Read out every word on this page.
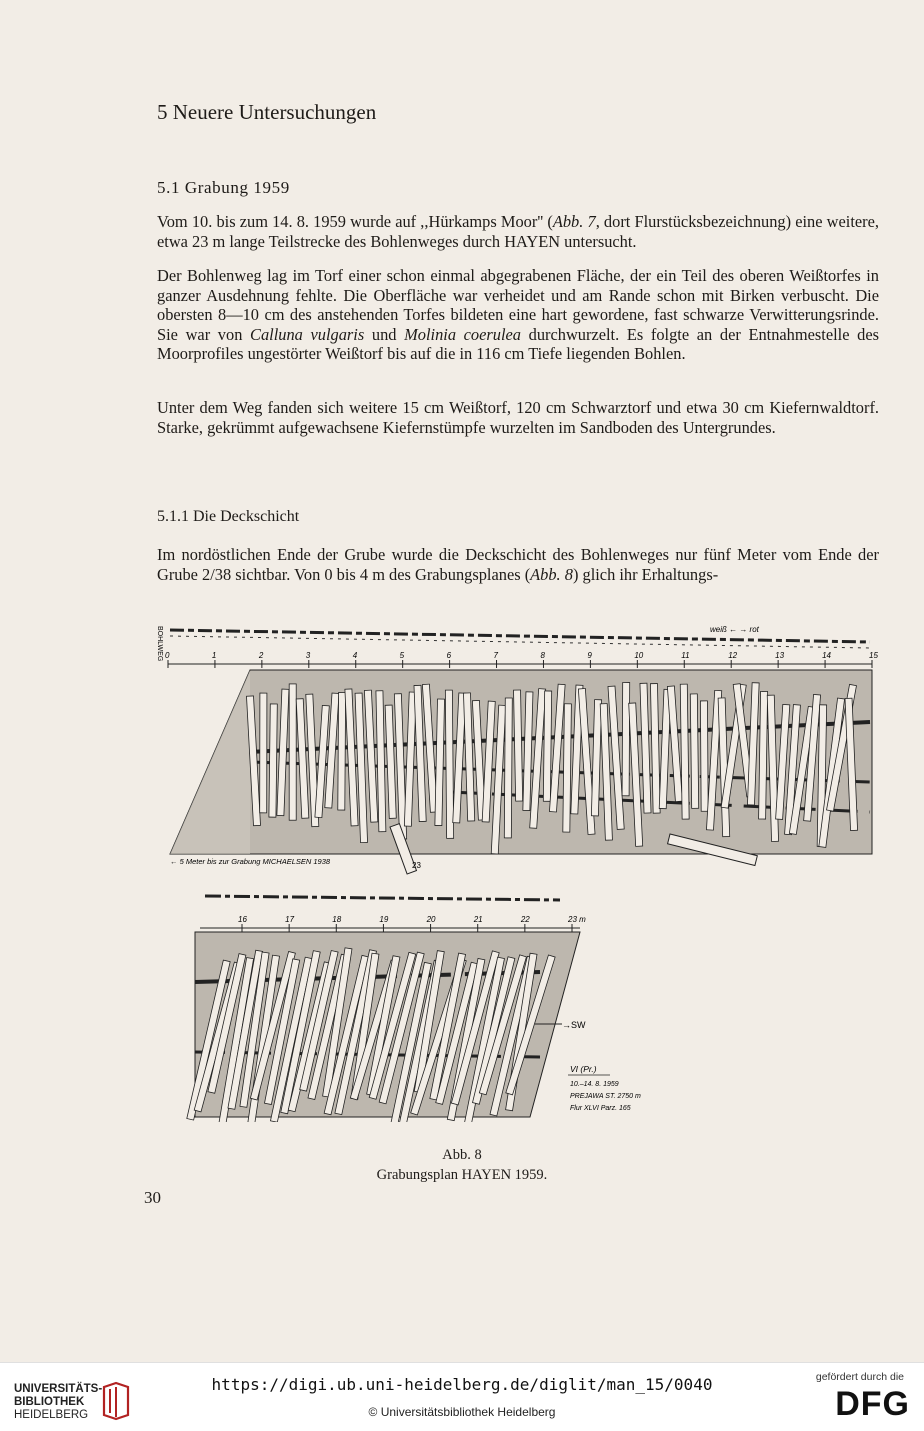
5 Neuere Untersuchungen
5.1 Grabung 1959
Vom 10. bis zum 14. 8. 1959 wurde auf ,,Hürkamps Moor'' (Abb. 7, dort Flurstücksbezeichnung) eine weitere, etwa 23 m lange Teilstrecke des Bohlenweges durch HAYEN untersucht.
Der Bohlenweg lag im Torf einer schon einmal abgegrabenen Fläche, der ein Teil des oberen Weißtorfes in ganzer Ausdehnung fehlte. Die Oberfläche war verheidet und am Rande schon mit Birken verbuscht. Die obersten 8—10 cm des anstehenden Torfes bildeten eine hart gewordene, fast schwarze Verwitterungsrinde. Sie war von Calluna vulgaris und Molinia coerulea durchwurzelt. Es folgte an der Entnahmestelle des Moorprofiles ungestörter Weißtorf bis auf die in 116 cm Tiefe liegenden Bohlen.
Unter dem Weg fanden sich weitere 15 cm Weißtorf, 120 cm Schwarztorf und etwa 30 cm Kiefernwaldtorf. Starke, gekrümmt aufgewachsene Kiefernstümpfe wurzelten im Sandboden des Untergrundes.
5.1.1 Die Deckschicht
Im nordöstlichen Ende der Grube wurde die Deckschicht des Bohlenweges nur fünf Meter vom Ende der Grube 2/38 sichtbar. Von 0 bis 4 m des Grabungsplanes (Abb. 8) glich ihr Erhaltungs-
BOHLWEG	weiß ← → rot
0	1	2	3	4	5	6	7	8	9	10	11	12	13	14	15
← 5 Meter bis zur Grabung MICHAELSEN 1938	23
16	17	18	19	20	21	22	23 m
→SW
VI (Pr.)
10.–14. 8. 1959
PREJAWA ST. 2750 m
Flur XLVI Parz. 165
Abb. 8
Grabungsplan HAYEN 1959.
30
UNIVERSITÄTS-
BIBLIOTHEK
HEIDELBERG
https://digi.ub.uni-heidelberg.de/diglit/man_15/0040
© Universitätsbibliothek Heidelberg
gefördert durch die
DFG
